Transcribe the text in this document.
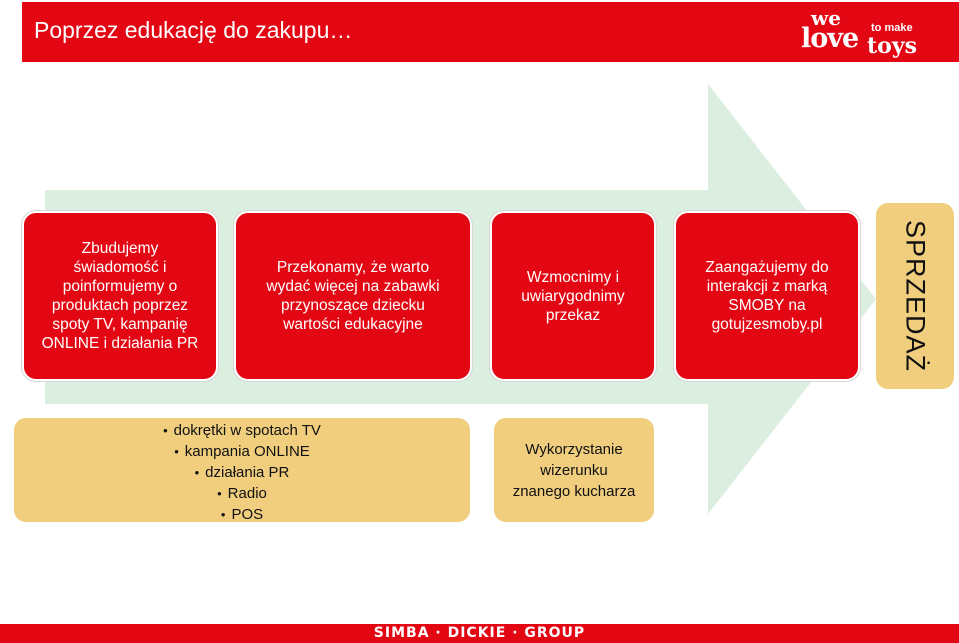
Poprzez edukację do zakupu…	we
love to make
toys
Zbudujemy
świadomość i
poinformujemy o
produktach poprzez
spoty TV, kampanię
ONLINE i działania PR
Przekonamy, że warto
wydać więcej na zabawki
przynoszące dziecku
wartości edukacyjne
Wzmocnimy i
uwiarygodnimy
przekaz
Zaangażujemy do
interakcji z marką
SMOBY na
gotujzesmoby.pl	SPRZEDAŻ
• dokrętki w spotach TV
• kampania ONLINE
• działania PR
• Radio
• POS
Wykorzystanie
wizerunku
znanego kucharza
SIMBA · DICKIE · GROUP
